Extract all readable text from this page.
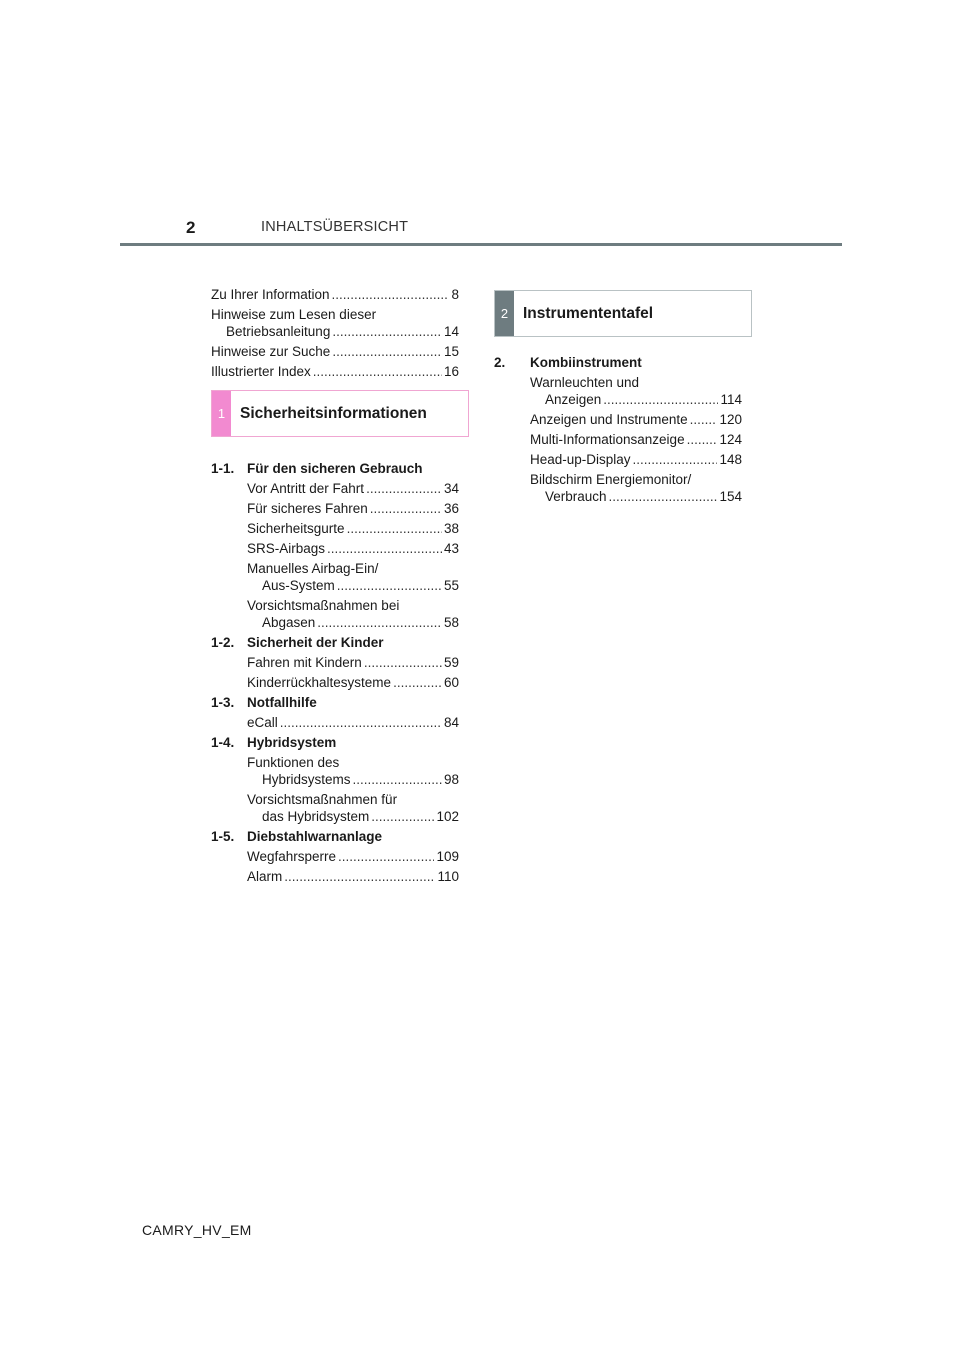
2	INHALTSÜBERSICHT
Zu Ihrer Information .....	8
Hinweise zum Lesen dieser
Betriebsanleitung .....	14
Hinweise zur Suche .....	15
Illustrierter Index .....	16
1-1. Für den sicheren Gebrauch
Vor Antritt der Fahrt .....	34
Für sicheres Fahren .....	36
Sicherheitsgurte .....	38
SRS-Airbags .....	43
Manuelles Airbag-Ein/
Aus-System .....	55
Vorsichtsmaßnahmen bei
Abgasen .....	58
1-2. Sicherheit der Kinder
Fahren mit Kindern .....	59
Kinderrückhaltesysteme .....	60
1-3. Notfallhilfe
eCall .....	84
1-4. Hybridsystem
Funktionen des
Hybridsystems .....	98
Vorsichtsmaßnahmen für
das Hybridsystem .....	102
1-5. Diebstahlwarnanlage
Wegfahrsperre .....	109
Alarm .....	110
1 Sicherheitsinformationen
2 Instrumententafel
2.	Kombiinstrument
Warnleuchten und
Anzeigen .....	114
Anzeigen und Instrumente ..... 120
Multi-Informationsanzeige .....	124
Head-up-Display .....	148
Bildschirm Energiemonitor/
Verbrauch .....	154
CAMRY_HV_EM
